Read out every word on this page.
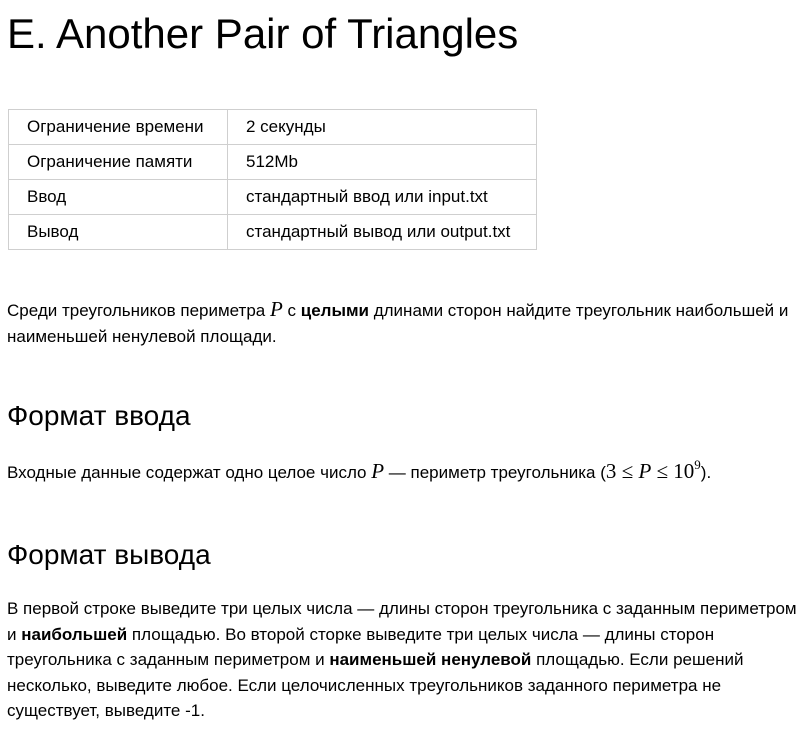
E. Another Pair of Triangles
Ограничение времени	2 секунды
Ограничение памяти	512Mb
Ввод	стандартный ввод или input.txt
Вывод	стандартный вывод или output.txt

Среди треугольников периметра P с целыми длинами сторон найдите треугольник наибольшей и наименьшей ненулевой площади.

Формат ввода

Входные данные содержат одно целое число P — периметр треугольника $(3 \le P \le 10^9)$.

Формат вывода

В первой строке выведите три целых числа — длины сторон треугольника с заданным периметром и наибольшей площадью. Во второй сторке выведите три целых числа — длины сторон треугольника с заданным периметром и наименьшей ненулевой площадью. Если решений несколько, выведите любое. Если целочисленных треугольников заданного периметра не существует, выведите -1.
